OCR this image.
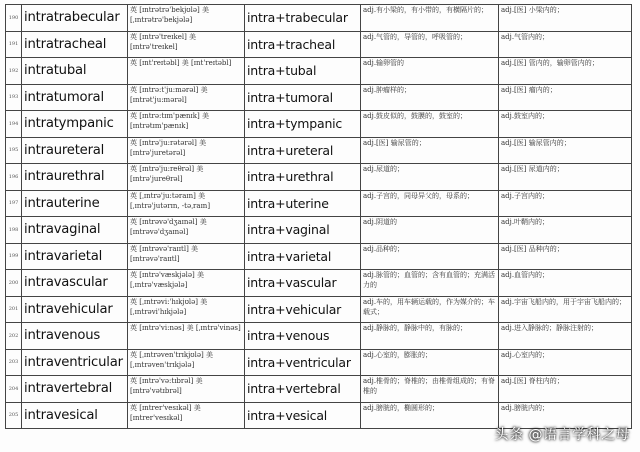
190	intratrabecular	英 [ɪntrətrə'bekjʊlə] 美 [ˌɪntrətrə'bekjələ]	intra+trabecular	adj.有小梁的，有小带的，有横隔片的；	adj.[医] 小梁内的；
191	intratracheal	英 [ɪntrə'treɪkel] 美 [ɪntrə'treɪkel]	intra+tracheal	adj.气管的，导管的，呼吸管的；	adj.气管内的；
192	intratubal	英 [ɪnt'reɪtəbl] 美 [ɪnt'reɪtəbl]	intra+tubal	adj.输卵管的	adj.[医] 管内的，输卵管内的；
193	intratumoral	英 [ɪntrə:t'ju:mərəl] 美 [ɪntrət'ju:mərəl]	intra+tumoral	adj.肿瘤样的；	adj.[医] 瘤内的；
194	intratympanic	英 [ɪntrə:tɪm'pænɪk] 美 [ɪntrətɪm'pænɪk]	intra+tympanic	adj.鼓皮似的，鼓膜的，鼓室的；	adj.鼓室内的；
195	intraureteral	英 [ɪntrə'ju:rətərəl] 美 [ɪntrə'juretərəl]	intra+ureteral	adj.[医] 输尿管的；	adj.[医] 输尿管内的；
196	intraurethral	英 [ɪntrə'ju:reθrəl] 美 [ɪntrə'jureθrəl]	intra+urethral	adj.尿道的；	adj.[医] 尿道内的；
197	intrauterine	英 [ˌɪntrə'ju:təraɪn] 美 [ˌɪntrə'jutərɪn, -təˌraɪn]	intra+uterine	adj.子宫的，同母异父的，母系的；	adj.子宫内的；
198	intravaginal	英 [ɪntrəvə'dʒaɪnəl] 美 [ɪntrəvə'dʒaɪnəl]	intra+vaginal	adj.阴道的	adj.叶鞘内的；
199	intravarietal	英 [ɪntrəvə'raɪɪtl] 美 [ɪntrəvə'raɪɪtl]	intra+varietal	adj.品种的；	adj.[医] 品种内的；
200	intravascular	英 [ɪntrə'væskjələ] 美 [ˌɪntrə'væskjələ]	intra+vascular	adj.脉管的；血管的；含有血管的；充满活力的	adj.血管内的；
201	intravehicular	英 [ˌɪntrəvi:'hɪkjʊlə] 美 [ˌɪntrəvi'hɪkjələ]	intra+vehicular	adj.车的，用车辆运载的，作为媒介的；车载式；	adj.宇宙飞船内的，用于宇宙飞船内的；
202	intravenous	英 [ɪntrə'vi:nəs] 美 [ˌɪntrə'vinəs]	intra+venous	adj.静脉的，静脉中的，有脉的；	adj.进入静脉的；静脉注射的；
203	intraventricular	英 [ˌɪntrəven'trɪkjʊlə] 美 [ˌɪntrəven'trɪkjələ]	intra+ventricular	adj.心室的，膨胀的；	adj.心室内的；
204	intravertebral	英 [ɪntrə'və:tɪbrəl] 美 [ɪntrə'vətɪbrəl]	intra+vertebral	adj.椎骨的；脊椎的；由椎骨组成的；有脊椎的	adj.[医] 脊柱内的；
205	intravesical	英 [ɪntrer'vesɪkəl] 美 [ɪntrer'vesɪkəl]	intra+vesical	adj.膀胱的，椭圆形的；	adj.膀胱内的；
头条 @语言学科之母
